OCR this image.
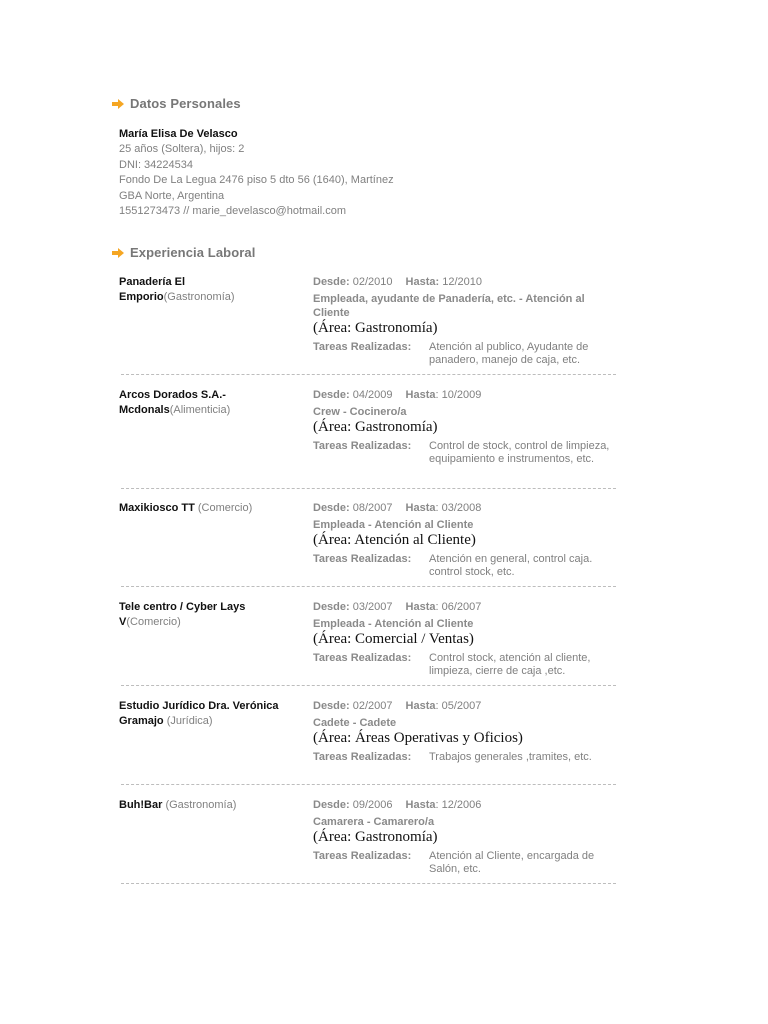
Datos Personales
María Elisa De Velasco
25 años (Soltera), hijos: 2
DNI: 34224534
Fondo De La Legua 2476 piso 5 dto 56 (1640), Martínez
GBA Norte, Argentina
1551273473 // marie_develasco@hotmail.com
Experiencia Laboral
Panadería El
Emporio(Gastronomía)
Desde: 02/2010 Hasta: 12/2010
Empleada, ayudante de Panadería, etc. - Atención al Cliente
(Área: Gastronomía)
Tareas Realizadas:	Atención al publico, Ayudante de panadero, manejo de caja, etc.
Arcos Dorados S.A.-
Mcdonals(Alimenticia)
Desde: 04/2009 Hasta: 10/2009
Crew - Cocinero/a
(Área: Gastronomía)
Tareas Realizadas:	Control de stock, control de limpieza, equipamiento e instrumentos, etc.
Maxikiosco TT (Comercio)	Desde: 08/2007 Hasta: 03/2008
Empleada - Atención al Cliente
(Área: Atención al Cliente)
Tareas Realizadas:	Atención en general, control caja. control stock, etc.
Tele centro / Cyber Lays
V(Comercio)
Desde: 03/2007 Hasta: 06/2007
Empleada - Atención al Cliente
(Área: Comercial / Ventas)
Tareas Realizadas:	Control stock, atención al cliente, limpieza, cierre de caja ,etc.
Estudio Jurídico Dra. Verónica
Gramajo (Jurídica)
Desde: 02/2007 Hasta: 05/2007
Cadete - Cadete
(Área: Áreas Operativas y Oficios)
Tareas Realizadas:	Trabajos generales ,tramites, etc.
Buh!Bar (Gastronomía)	Desde: 09/2006 Hasta: 12/2006
Camarera - Camarero/a
(Área: Gastronomía)
Tareas Realizadas:	Atención al Cliente, encargada de Salón, etc.
